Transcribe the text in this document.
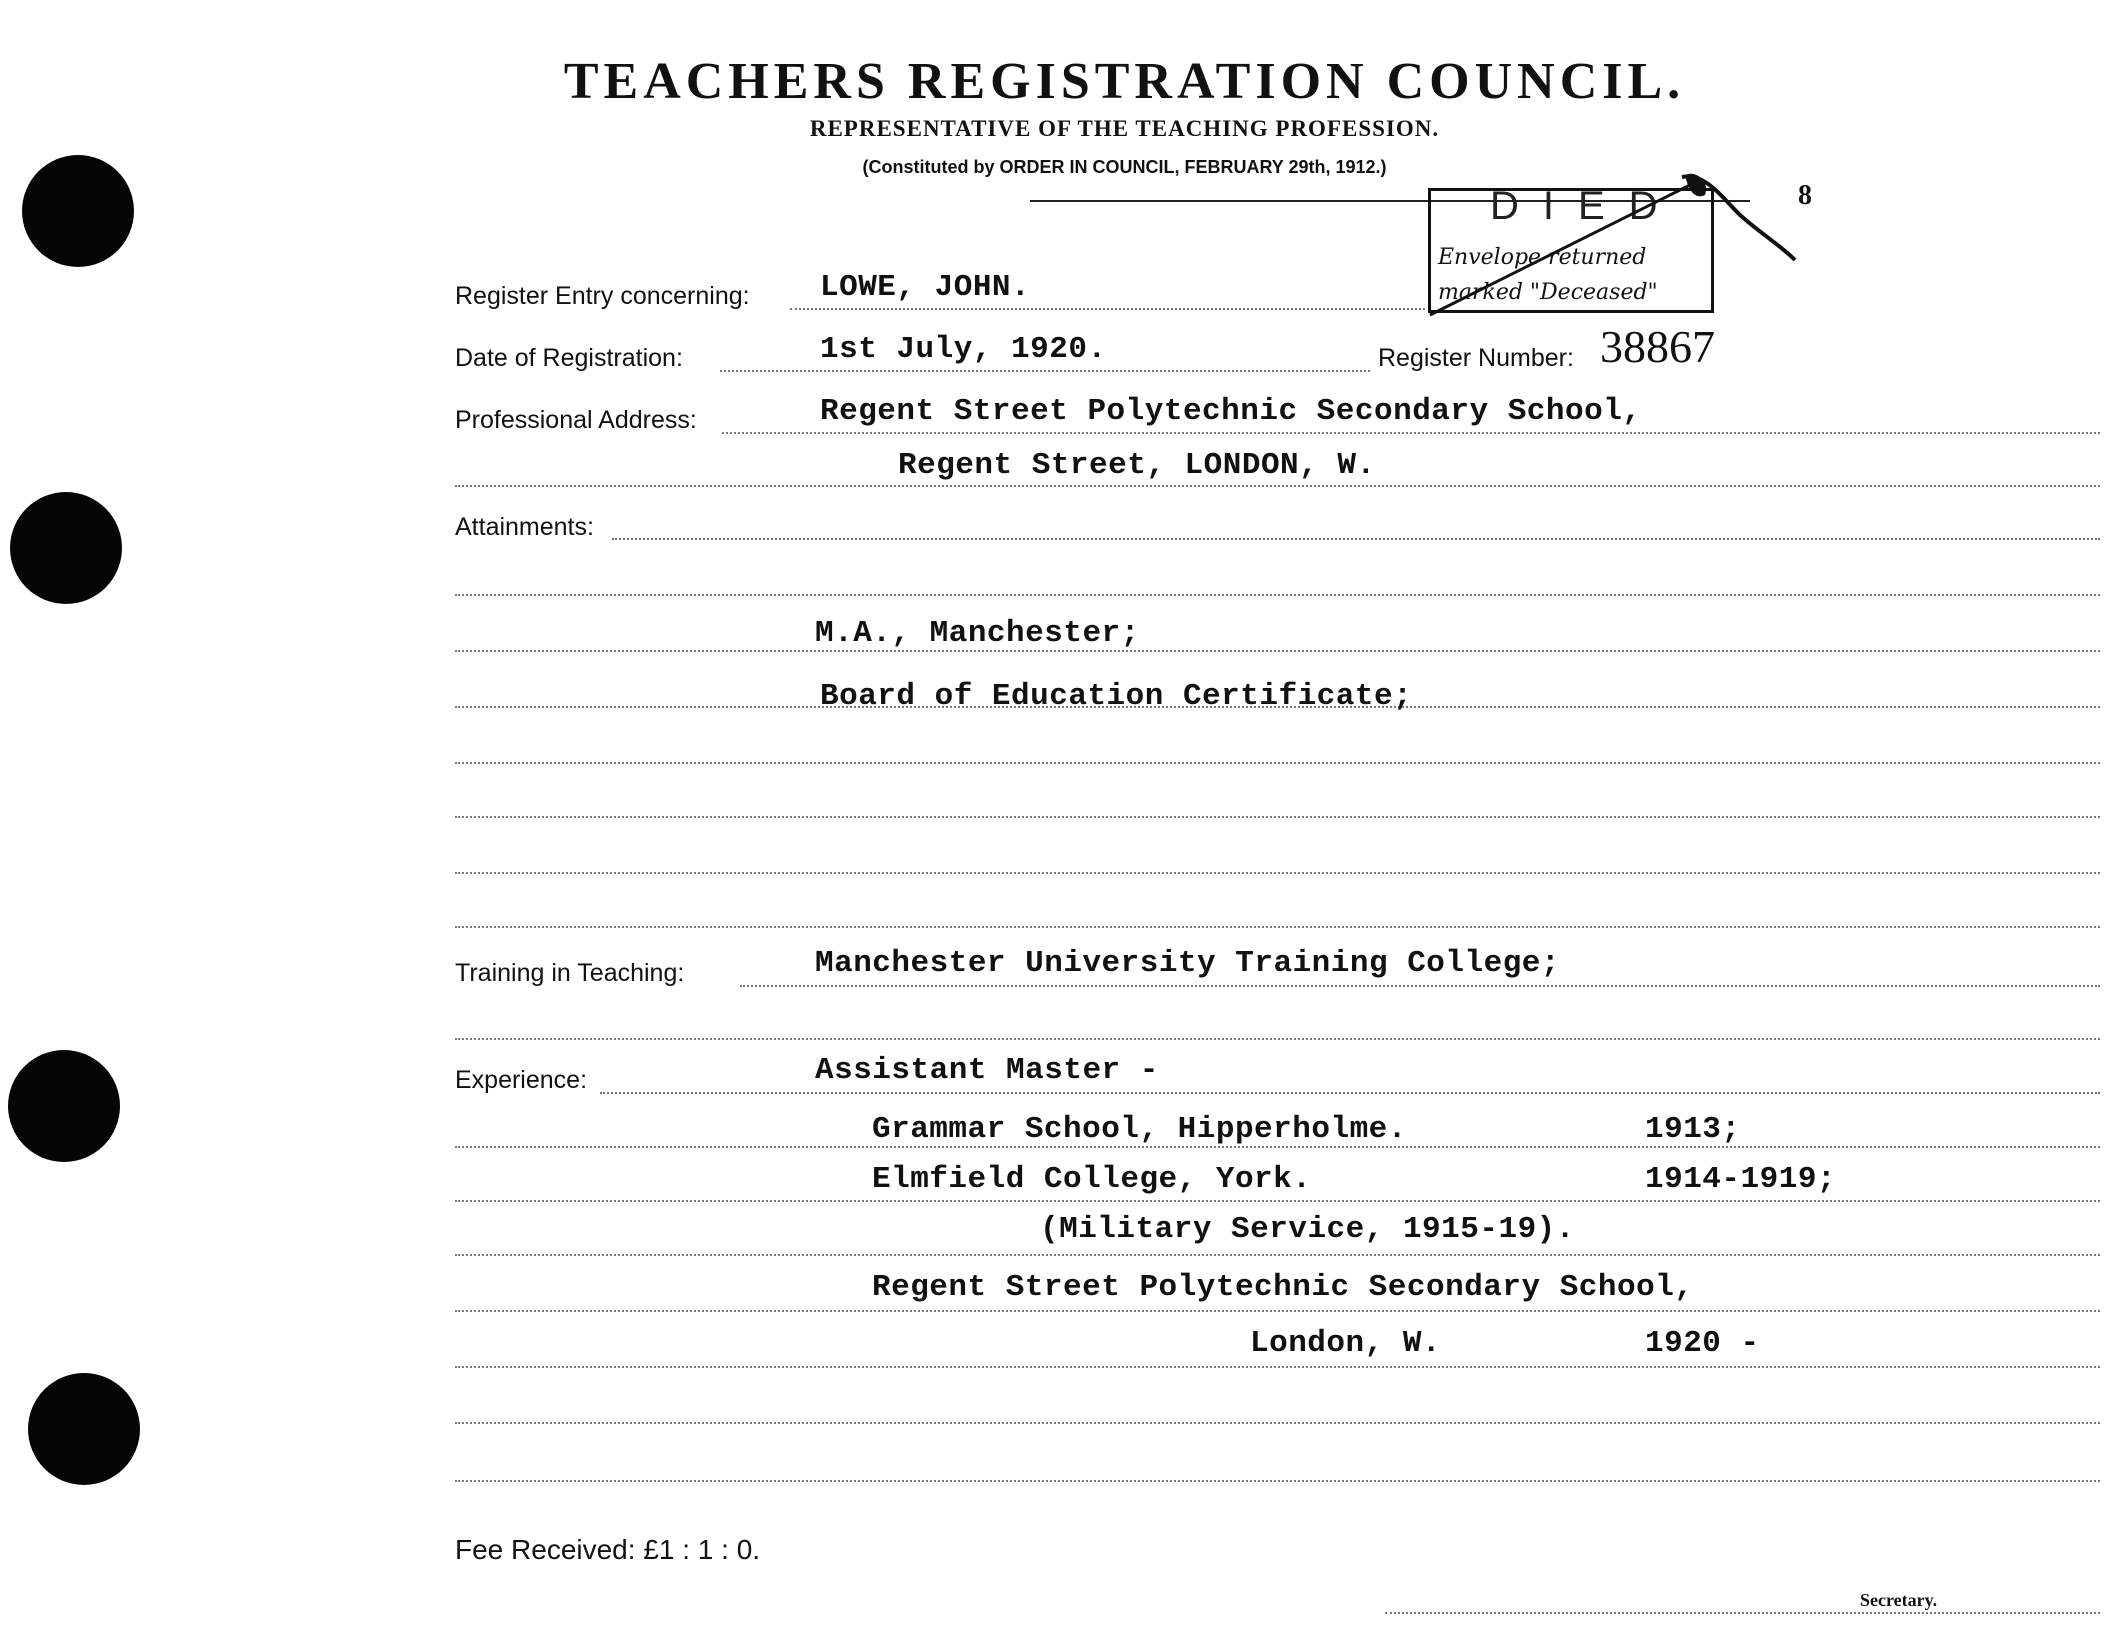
TEACHERS REGISTRATION COUNCIL.
REPRESENTATIVE OF THE TEACHING PROFESSION.
(Constituted by ORDER IN COUNCIL, FEBRUARY 29th, 1912.)
8
DIED
Envelope returned
marked "Deceased"
Register Entry concerning: LOWE, JOHN.
Date of Registration:	1st July, 1920.	Register Number: 38867
Professional Address:	Regent Street Polytechnic Secondary School,
Regent Street, LONDON, W.
Attainments:
M.A., Manchester;
Board of Education Certificate;
Training in Teaching:	Manchester University Training College;
Experience:	Assistant Master -
Grammar School, Hipperholme.	1913;
Elmfield College, York.	1914-1919;
(Military Service, 1915-19).
Regent Street Polytechnic Secondary School,
London, W.	1920 -
Fee Received: £1 : 1 : 0.
Secretary.
